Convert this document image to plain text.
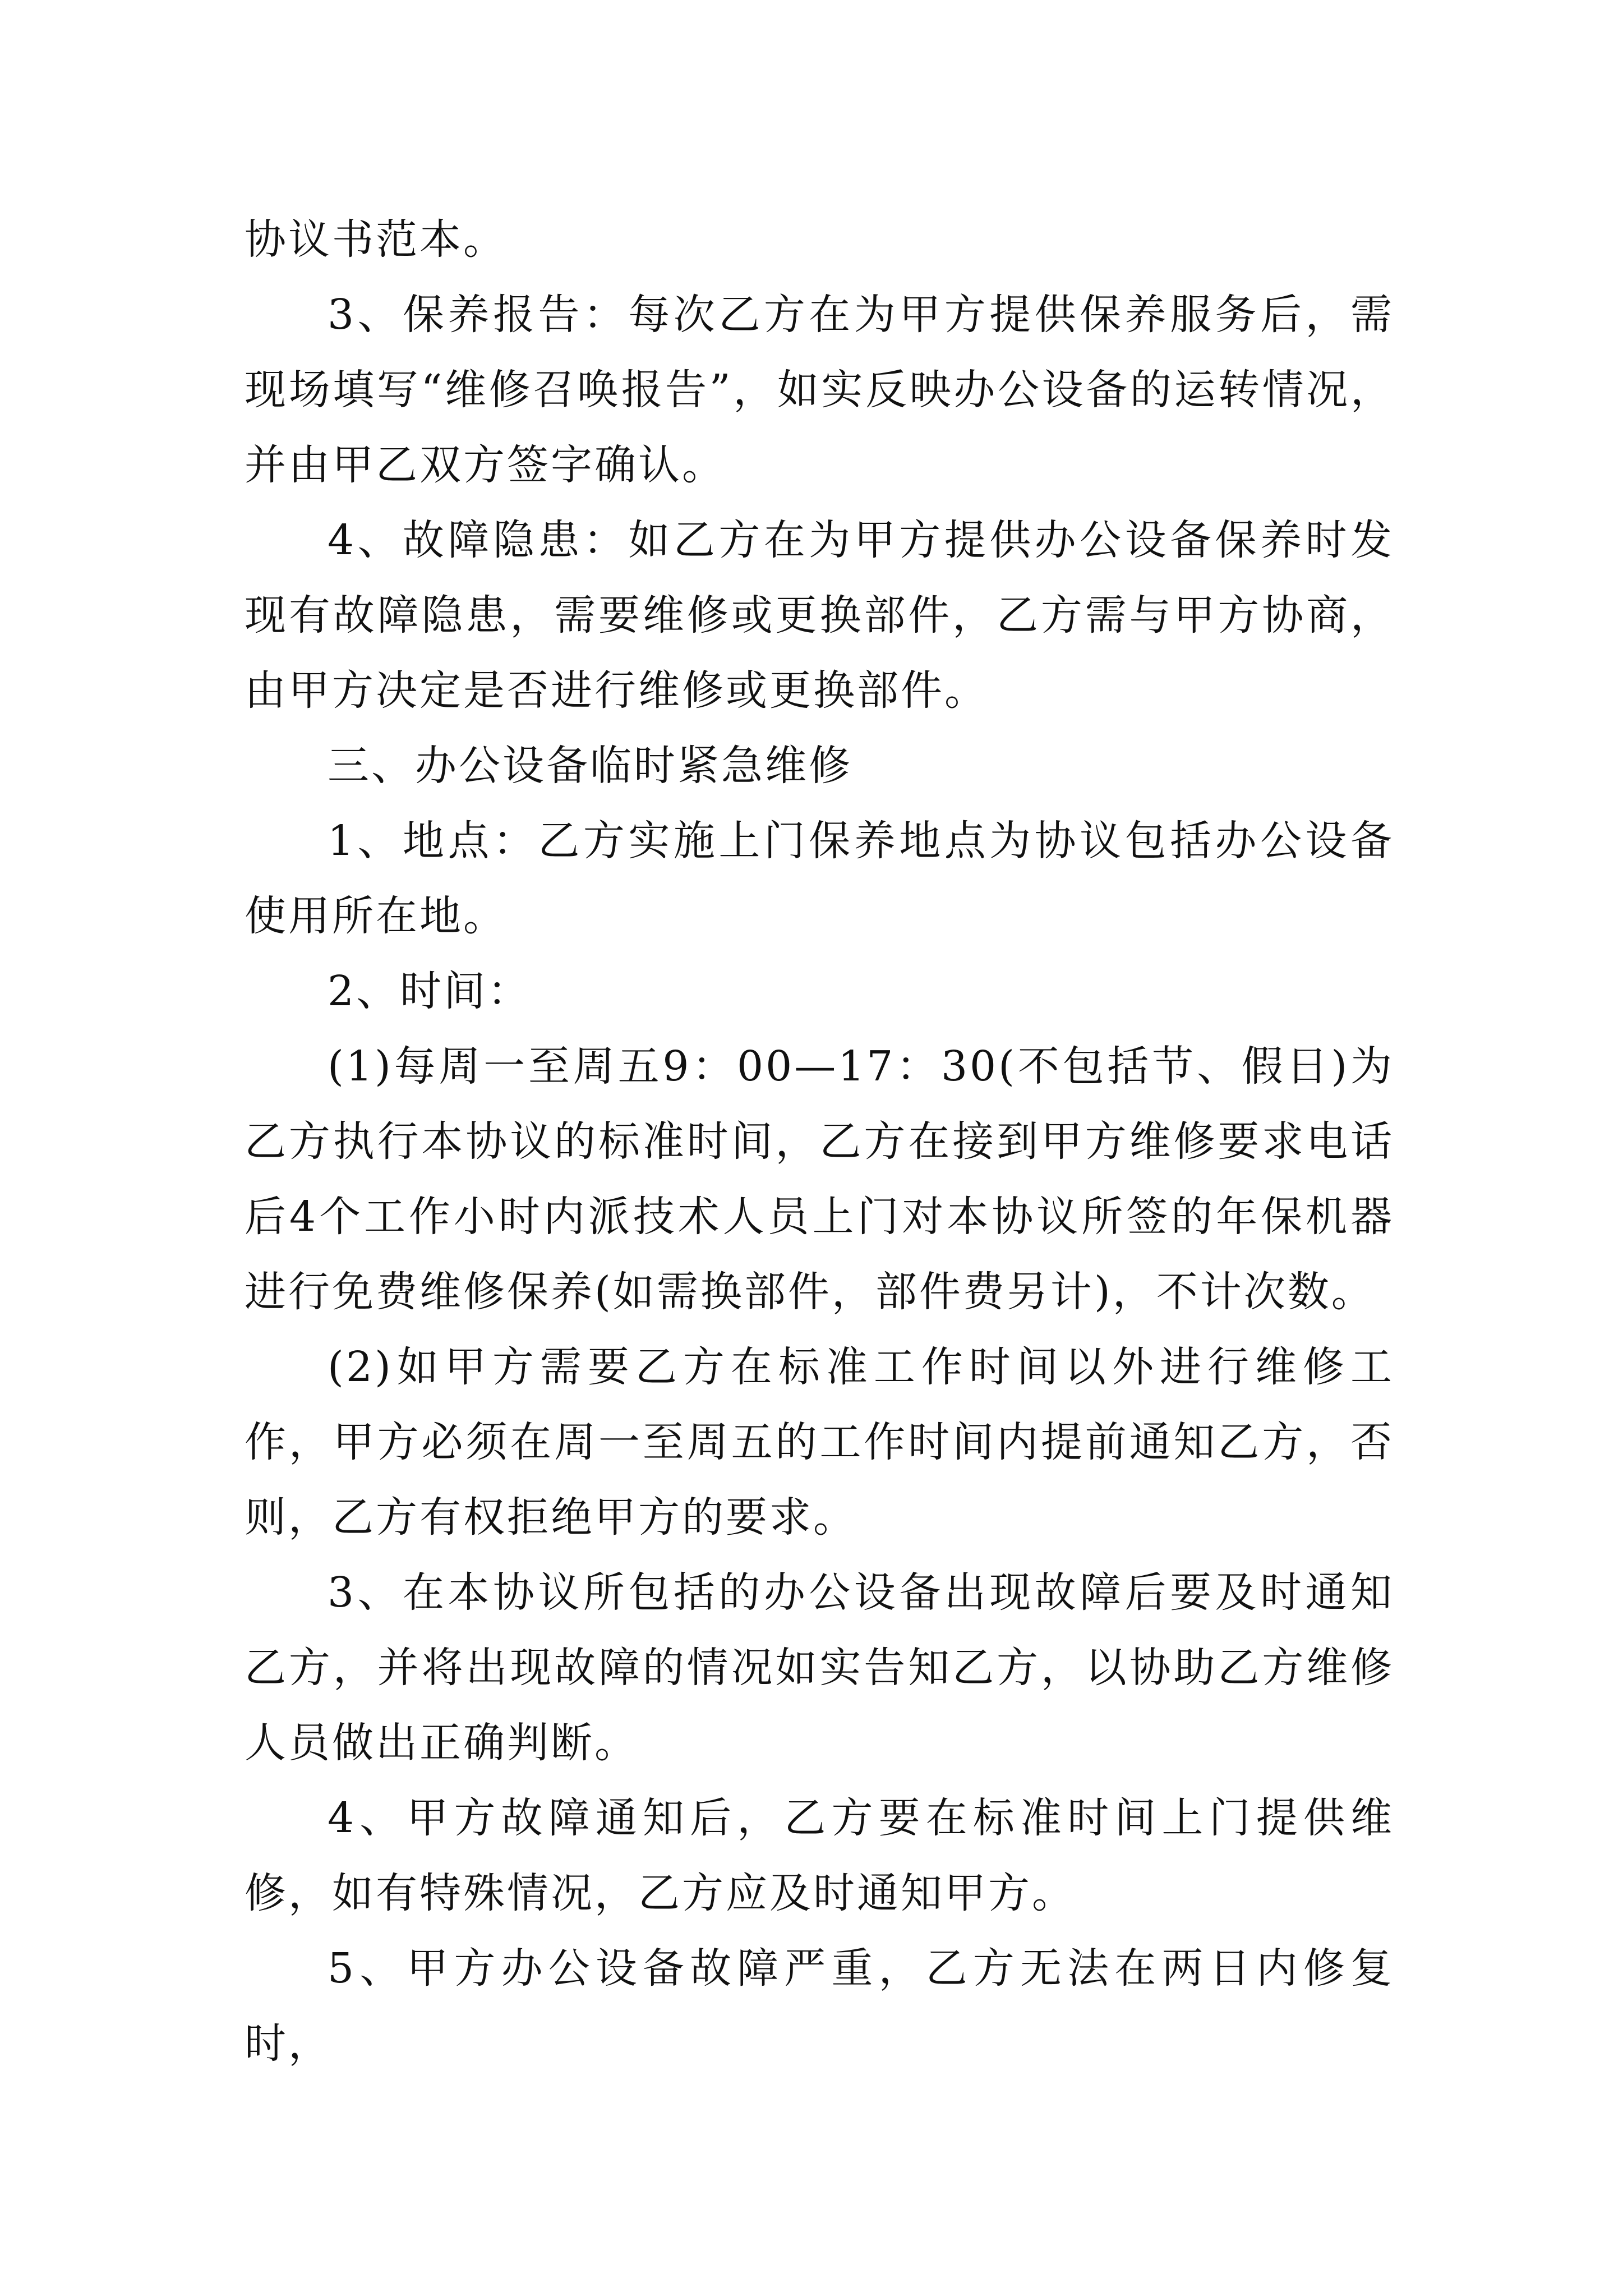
协议书范本。

3、保养报告：每次乙方在为甲方提供保养服务后，需现场填写“维修召唤报告”，如实反映办公设备的运转情况，并由甲乙双方签字确认。

4、故障隐患：如乙方在为甲方提供办公设备保养时发现有故障隐患，需要维修或更换部件，乙方需与甲方协商，由甲方决定是否进行维修或更换部件。

三、办公设备临时紧急维修

1、地点：乙方实施上门保养地点为协议包括办公设备使用所在地。

2、时间：

(1)每周一至周五9：00—17：30(不包括节、假日)为乙方执行本协议的标准时间，乙方在接到甲方维修要求电话后4个工作小时内派技术人员上门对本协议所签的年保机器进行免费维修保养(如需换部件，部件费另计)，不计次数。

(2)如甲方需要乙方在标准工作时间以外进行维修工作，甲方必须在周一至周五的工作时间内提前通知乙方，否则，乙方有权拒绝甲方的要求。

3、在本协议所包括的办公设备出现故障后要及时通知乙方，并将出现故障的情况如实告知乙方，以协助乙方维修人员做出正确判断。

4、甲方故障通知后，乙方要在标准时间上门提供维修，如有特殊情况，乙方应及时通知甲方。

5、甲方办公设备故障严重，乙方无法在两日内修复时，
